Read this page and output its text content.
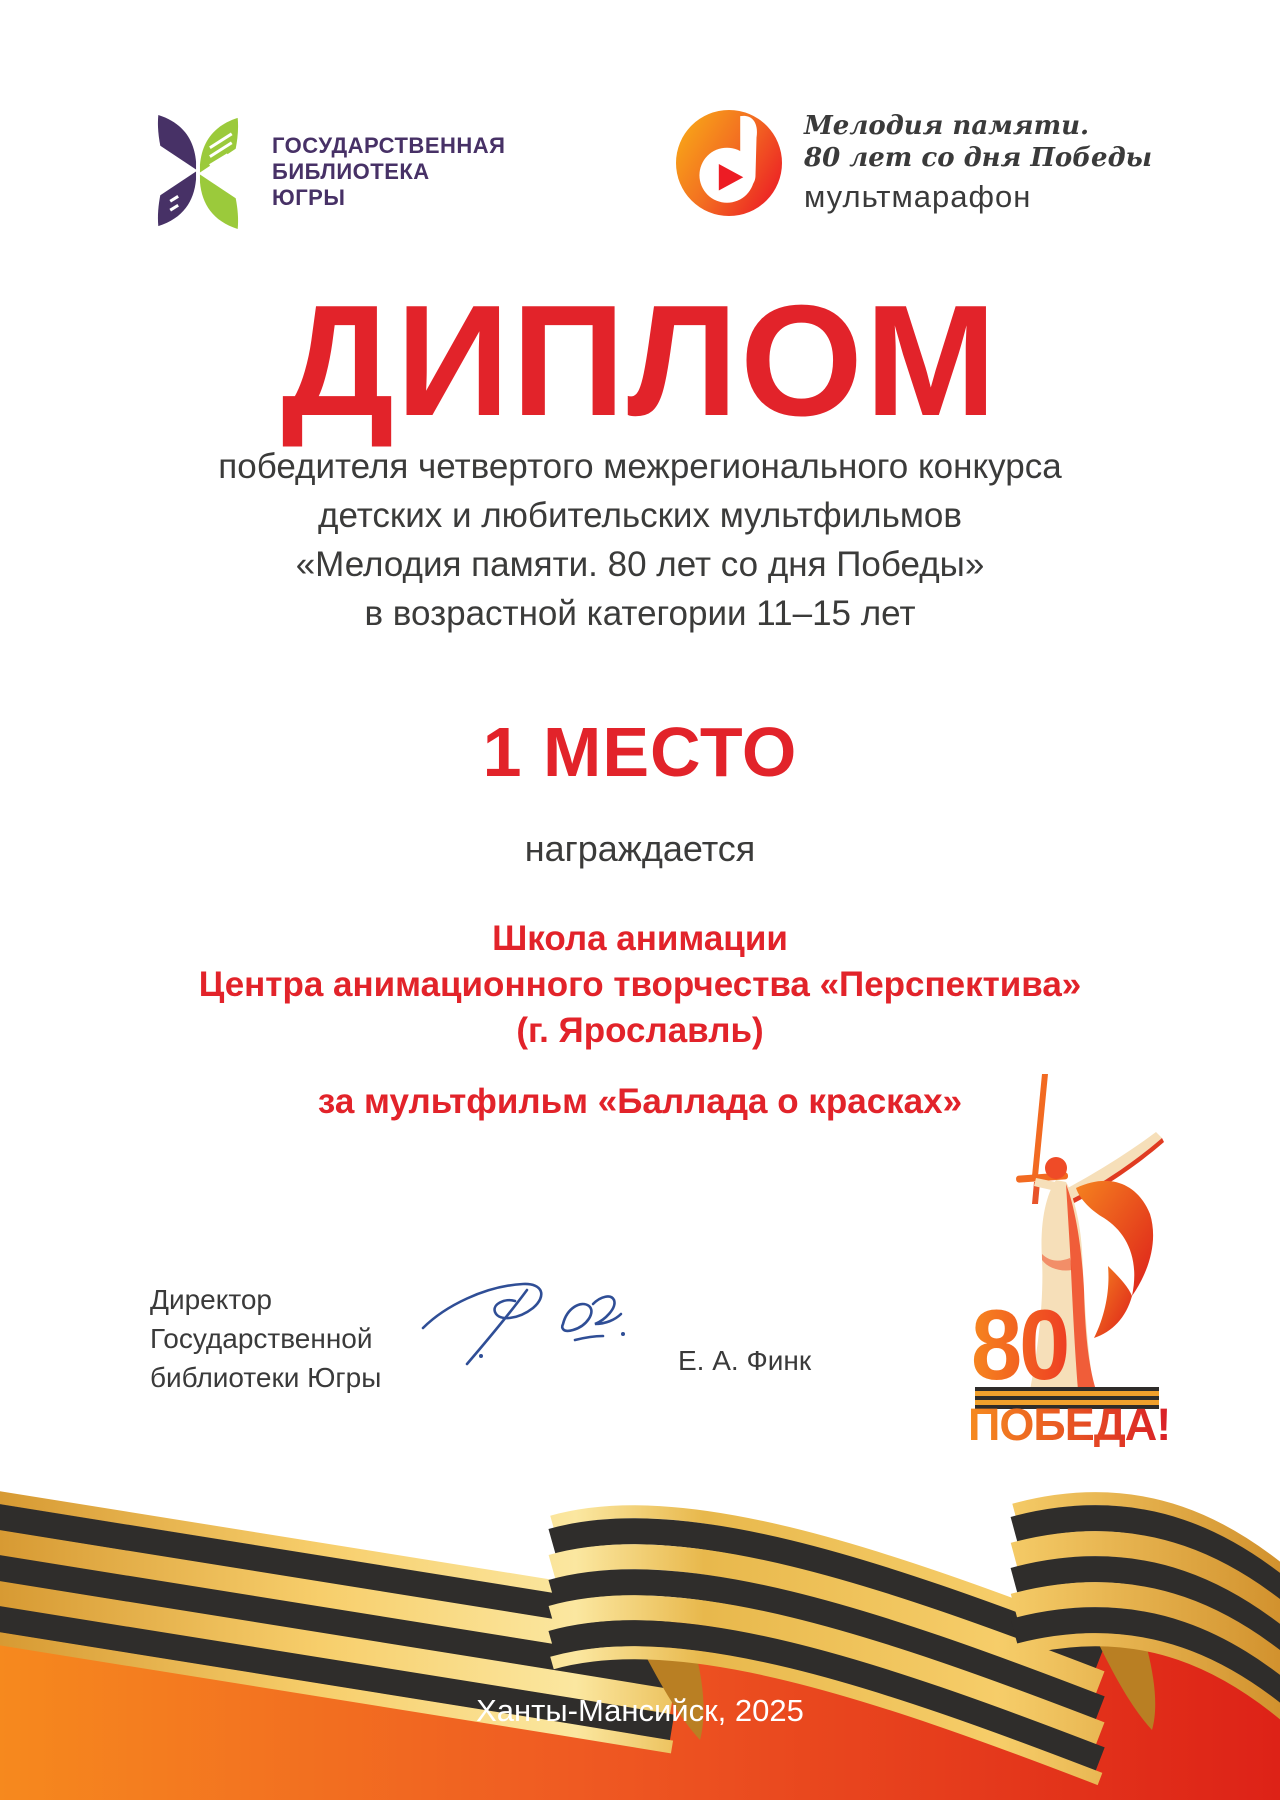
ГОСУДАРСТВЕННАЯ
БИБЛИОТЕКА
ЮГРЫ
Мелодия памяти.
80 лет со дня Победы
мультмарафон
ДИПЛОМ
победителя четвертого межрегионального конкурса
детских и любительских мультфильмов
«Мелодия памяти. 80 лет со дня Победы»
в возрастной категории 11–15 лет
1 МЕСТО
награждается
Школа анимации
Центра анимационного творчества «Перспектива»
(г. Ярославль)
за мультфильм «Баллада о красках»
Директор
Государственной
библиотеки Югры
Е. А. Финк 80
ПОБЕДА!
Ханты-Мансийск, 2025
